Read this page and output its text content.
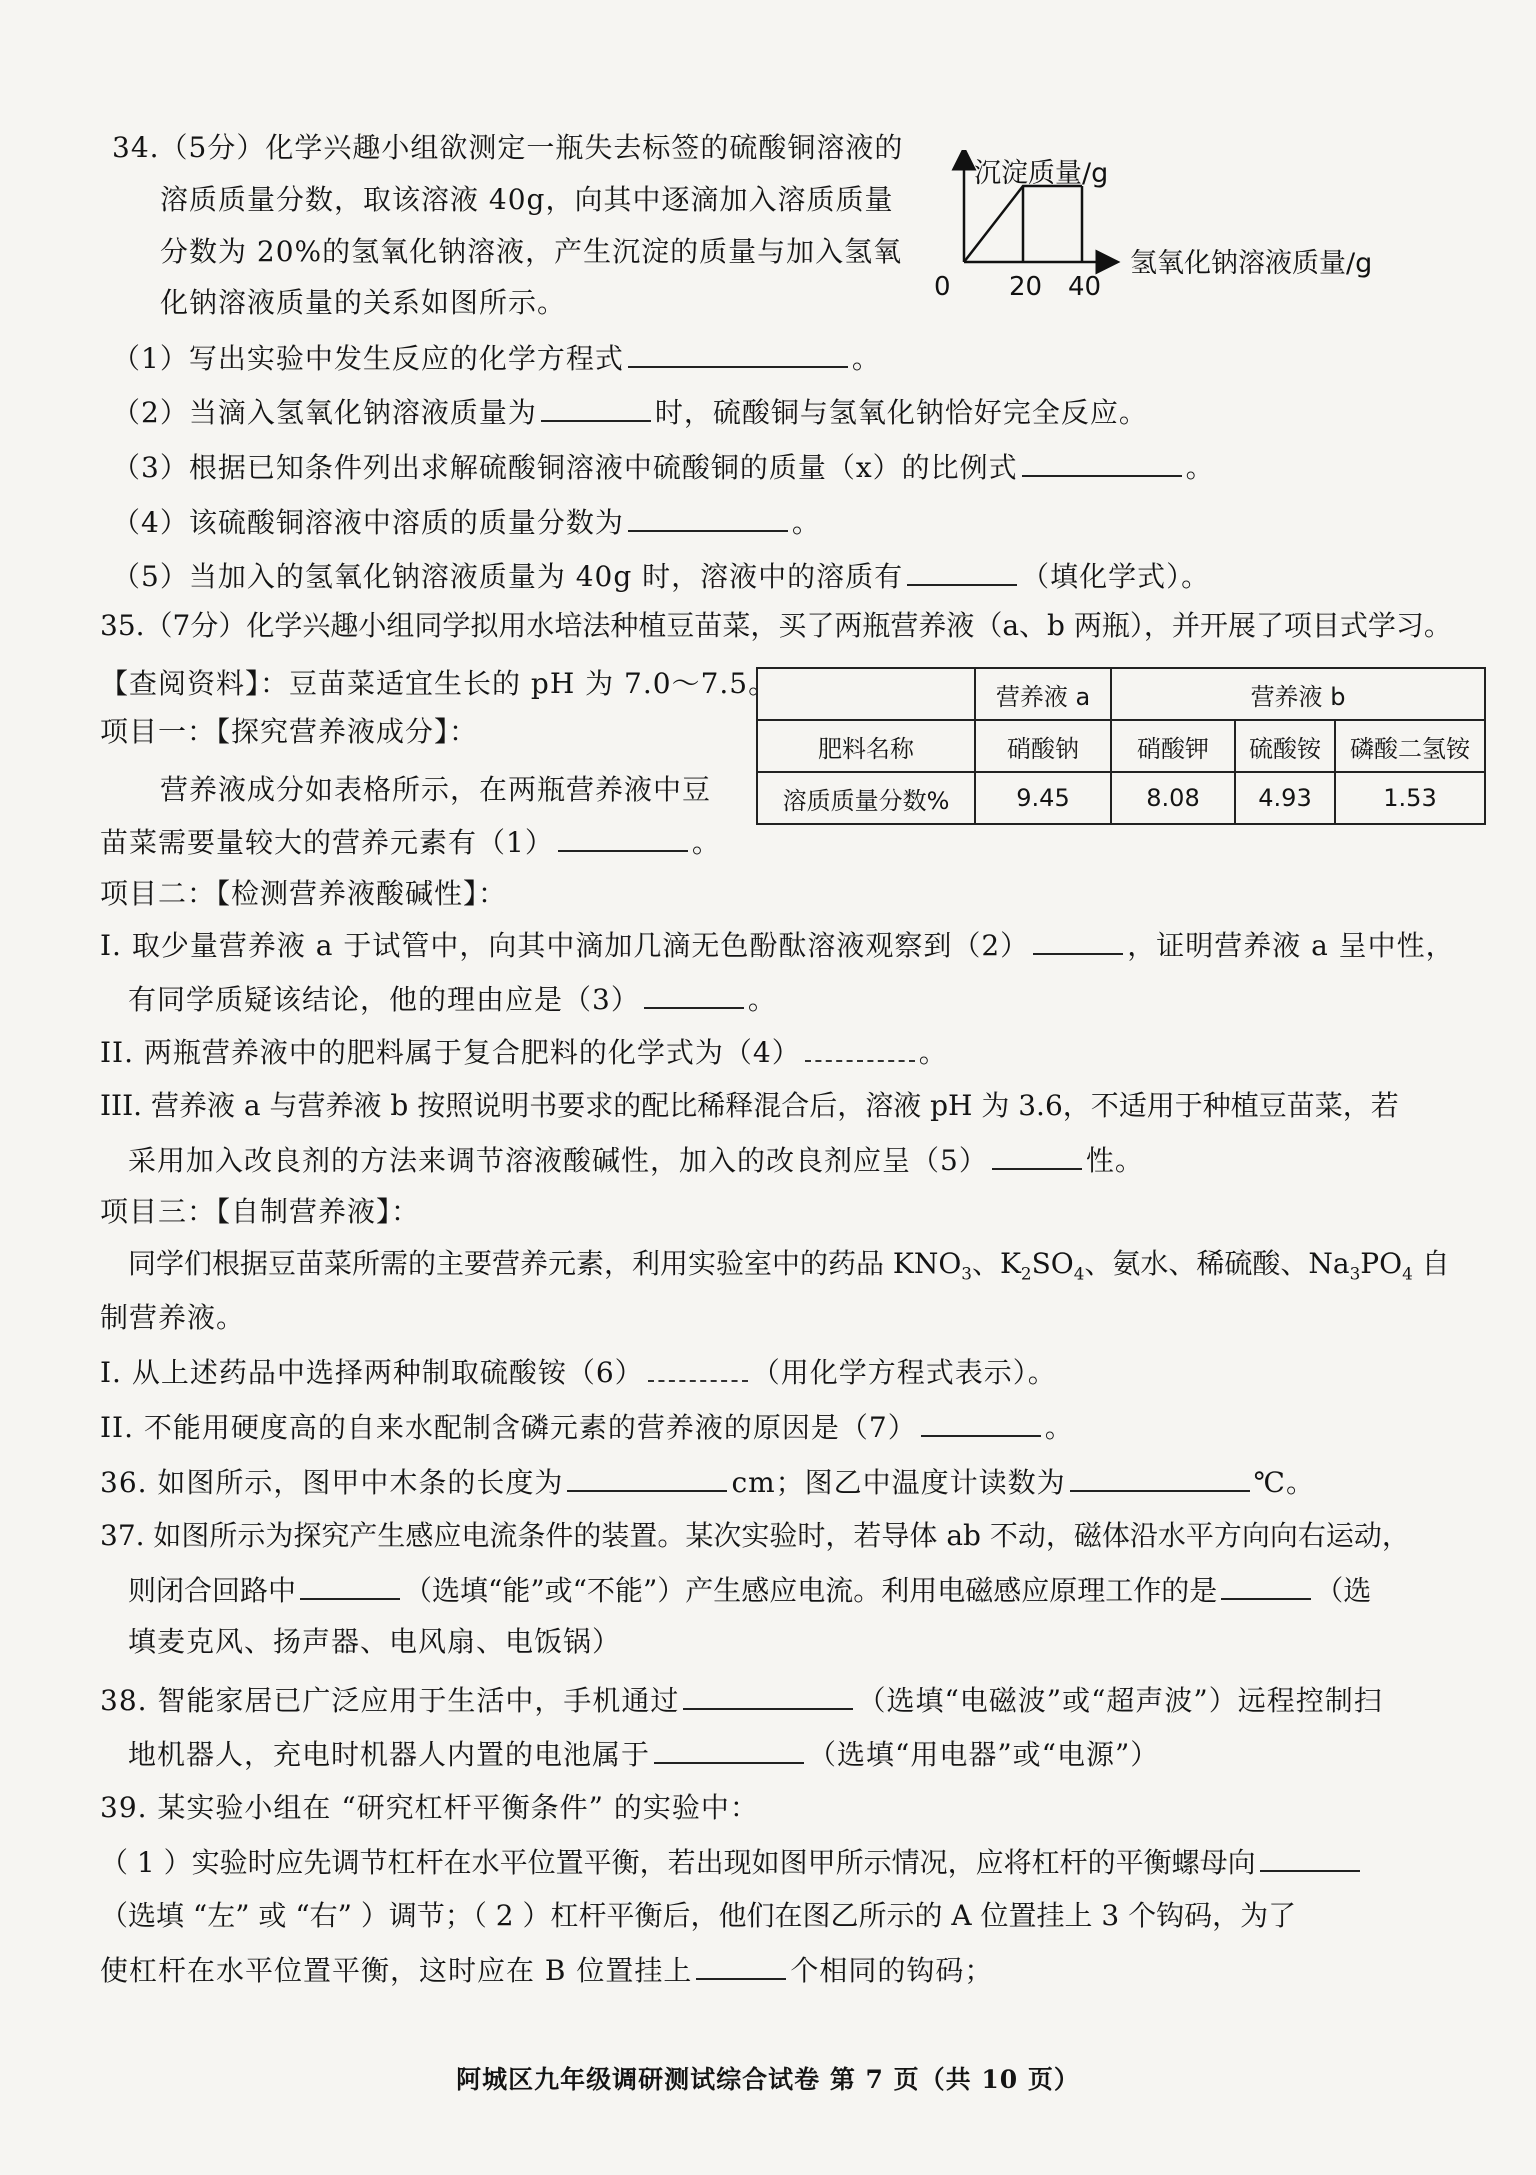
34.（5分）化学兴趣小组欲测定一瓶失去标签的硫酸铜溶液的
溶质质量分数，取该溶液 40g，向其中逐滴加入溶质质量
分数为 20%的氢氧化钠溶液，产生沉淀的质量与加入氢氧
化钠溶液质量的关系如图所示。
沉淀质量/g
氢氧化钠溶液质量/g
0 20 40
（1）写出实验中发生反应的化学方程式	。
（2）当滴入氢氧化钠溶液质量为	时，硫酸铜与氢氧化钠恰好完全反应。
（3）根据已知条件列出求解硫酸铜溶液中硫酸铜的质量（x）的比例式	。
（4）该硫酸铜溶液中溶质的质量分数为	。
（5）当加入的氢氧化钠溶液质量为 40g 时，溶液中的溶质有	（填化学式）。
35.（7分）化学兴趣小组同学拟用水培法种植豆苗菜，买了两瓶营养液（a、b 两瓶），并开展了项目式学习。
【查阅资料】：豆苗菜适宜生长的 pH 为 7.0～7.5。
项目一：【探究营养液成分】：
营养液成分如表格所示，在两瓶营养液中豆
苗菜需要量较大的营养元素有（1）	。
	营养液 a	营养液 b		
肥料名称	硝酸钠	硝酸钾	硫酸铵	磷酸二氢铵
溶质质量分数%	9.45	8.08	4.93	1.53
项目二：【检测营养液酸碱性】：
I. 取少量营养液 a 于试管中，向其中滴加几滴无色酚酞溶液观察到（2）	，证明营养液 a 呈中性，
有同学质疑该结论，他的理由应是（3）	。
II. 两瓶营养液中的肥料属于复合肥料的化学式为（4）	。
III. 营养液 a 与营养液 b 按照说明书要求的配比稀释混合后，溶液 pH 为 3.6，不适用于种植豆苗菜，若
采用加入改良剂的方法来调节溶液酸碱性，加入的改良剂应呈（5）	性。
项目三：【自制营养液】：
同学们根据豆苗菜所需的主要营养元素，利用实验室中的药品 $KNO_3$、$K_2SO_4$、氨水、稀硫酸、$Na_3PO_4$ 自
制营养液。
I. 从上述药品中选择两种制取硫酸铵（6）	（用化学方程式表示）。
II. 不能用硬度高的自来水配制含磷元素的营养液的原因是（7）	。
36. 如图所示，图甲中木条的长度为	cm；图乙中温度计读数为	℃。
37. 如图所示为探究产生感应电流条件的装置。某次实验时，若导体 ab 不动，磁体沿水平方向向右运动，
则闭合回路中	（选填“能”或“不能”）产生感应电流。利用电磁感应原理工作的是	（选
填麦克风、扬声器、电风扇、电饭锅）
38. 智能家居已广泛应用于生活中，手机通过	（选填“电磁波”或“超声波”）远程控制扫
地机器人，充电时机器人内置的电池属于	（选填“用电器”或“电源”）
39. 某实验小组在 “研究杠杆平衡条件” 的实验中：
（ 1 ）实验时应先调节杠杆在水平位置平衡，若出现如图甲所示情况，应将杠杆的平衡螺母向
（选填 “左” 或 “右” ）调节；（ 2 ）杠杆平衡后，他们在图乙所示的 A 位置挂上 3 个钩码，为了
使杠杆在水平位置平衡，这时应在 B 位置挂上	个相同的钩码；
阿城区九年级调研测试综合试卷 第 7 页（共 10 页）
